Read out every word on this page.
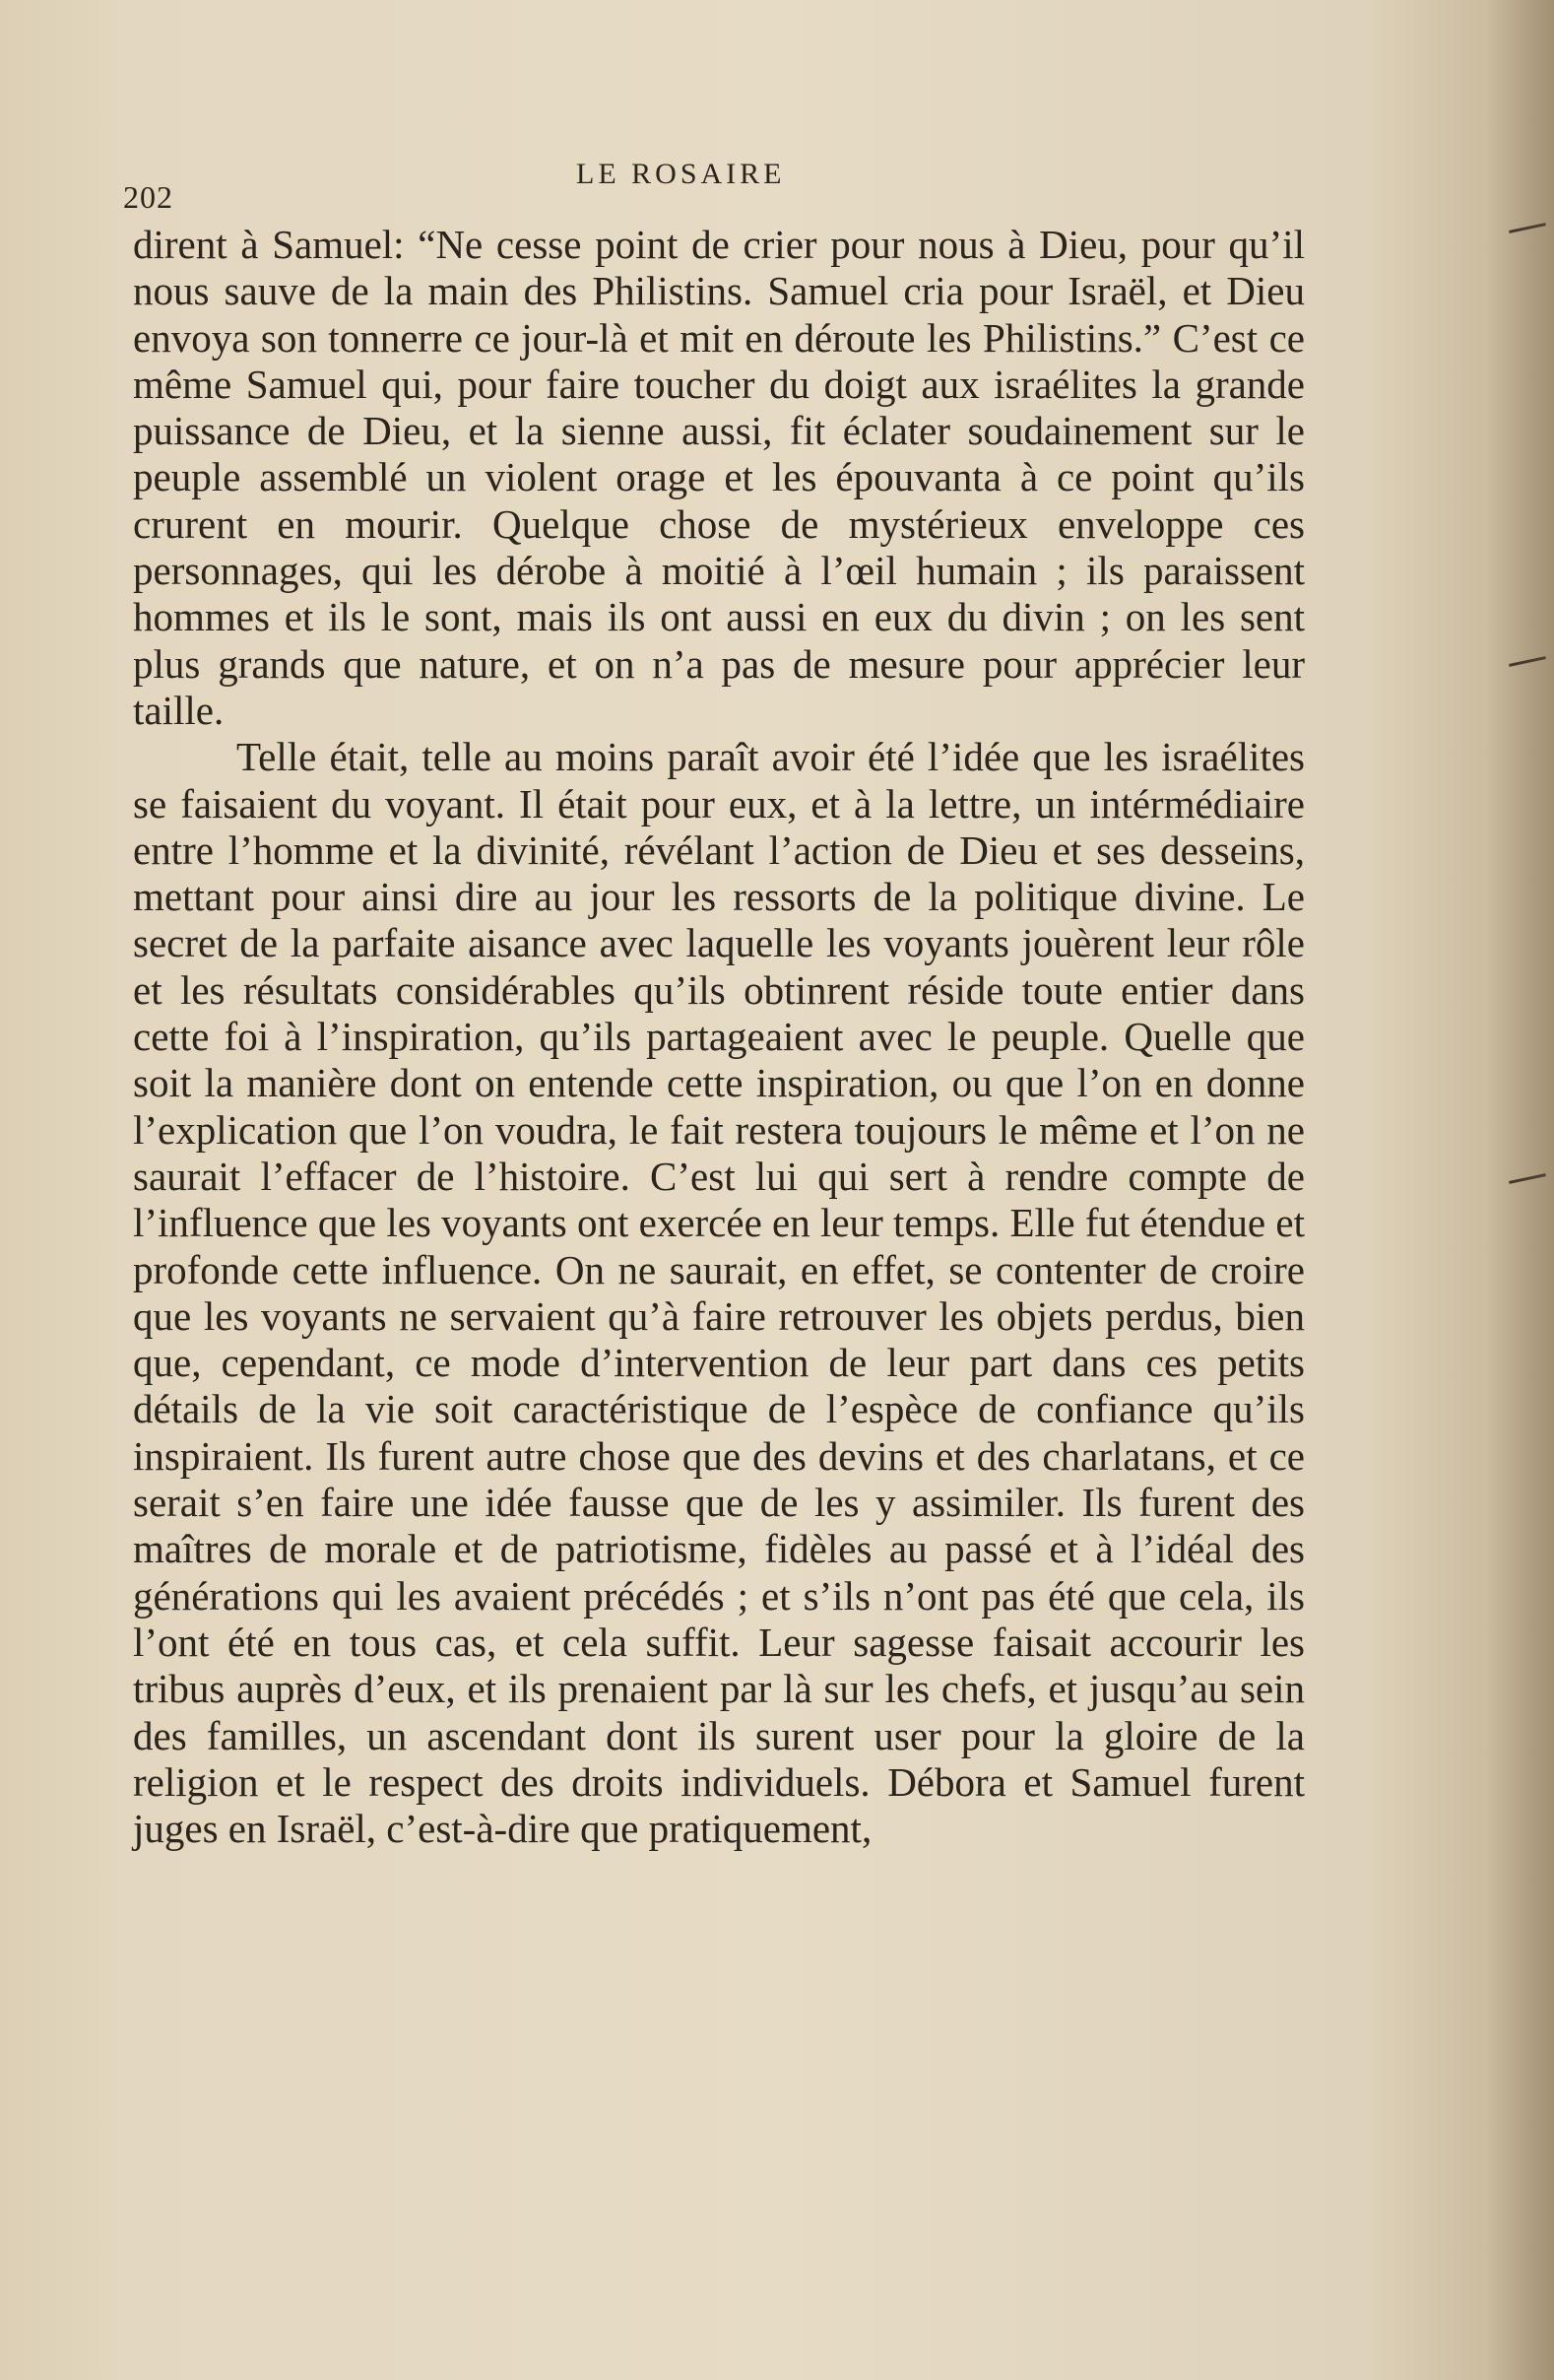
202
LE ROSAIRE

dirent à Samuel: “Ne cesse point de crier pour nous à Dieu, pour qu’il nous sauve de la main des Philistins. Samuel cria pour Israël, et Dieu envoya son tonnerre ce jour-là et mit en déroute les Philistins.” C’est ce même Samuel qui, pour faire toucher du doigt aux israélites la grande puissance de Dieu, et la sienne aussi, fit éclater soudainement sur le peuple assemblé un violent orage et les épouvanta à ce point qu’ils crurent en mourir. Quelque chose de mystérieux enveloppe ces personnages, qui les dérobe à moitié à l’œil humain ; ils paraissent hommes et ils le sont, mais ils ont aussi en eux du divin ; on les sent plus grands que nature, et on n’a pas de mesure pour apprécier leur taille.

Telle était, telle au moins paraît avoir été l’idée que les israélites se faisaient du voyant. Il était pour eux, et à la lettre, un intérmédiaire entre l’homme et la divinité, révélant l’action de Dieu et ses desseins, mettant pour ainsi dire au jour les ressorts de la politique divine. Le secret de la parfaite aisance avec laquelle les voyants jouèrent leur rôle et les résultats considérables qu’ils obtinrent réside toute entier dans cette foi à l’inspiration, qu’ils partageaient avec le peuple. Quelle que soit la manière dont on entende cette inspiration, ou que l’on en donne l’explication que l’on voudra, le fait restera toujours le même et l’on ne saurait l’effacer de l’histoire. C’est lui qui sert à rendre compte de l’influence que les voyants ont exercée en leur temps. Elle fut étendue et profonde cette influence. On ne saurait, en effet, se contenter de croire que les voyants ne servaient qu’à faire retrouver les objets perdus, bien que, cependant, ce mode d’intervention de leur part dans ces petits détails de la vie soit caractéristique de l’espèce de confiance qu’ils inspiraient. Ils furent autre chose que des devins et des charlatans, et ce serait s’en faire une idée fausse que de les y assimiler. Ils furent des maîtres de morale et de patriotisme, fidèles au passé et à l’idéal des générations qui les avaient précédés ; et s’ils n’ont pas été que cela, ils l’ont été en tous cas, et cela suffit. Leur sagesse faisait accourir les tribus auprès d’eux, et ils prenaient par là sur les chefs, et jusqu’au sein des familles, un ascendant dont ils surent user pour la gloire de la religion et le respect des droits individuels. Débora et Samuel furent juges en Israël, c’est-à-dire que pratiquement,
